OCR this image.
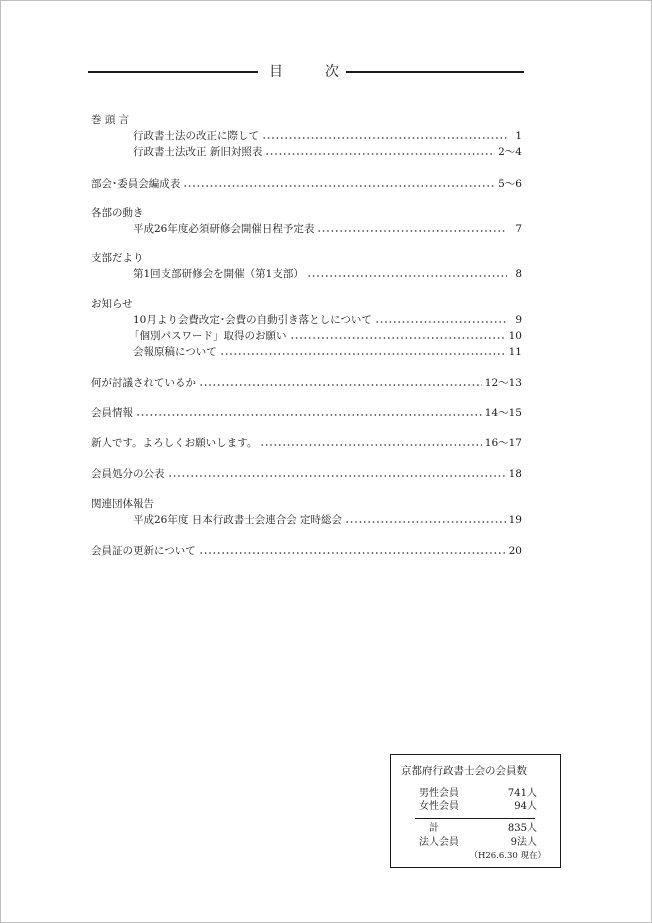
目	次
巻 頭 言
行政書士法の改正に際して	1
行政書士法改正 新旧対照表	2〜4
部会･委員会編成表	5〜6
各部の動き
平成26年度必須研修会開催日程予定表	7
支部だより
第1回支部研修会を開催（第1支部）	8
お知らせ
10月より会費改定･会費の自動引き落としについて	9
「個別パスワード」取得のお願い	10
会報原稿について	11
何が討議されているか	12〜13
会員情報	14〜15
新人です。よろしくお願いします。	16〜17
会員処分の公表	18
関連団体報告
平成26年度 日本行政書士会連合会 定時総会	19
会員証の更新について	20
京都府行政書士会の会員数
男性会員	741人
女性会員	94人
計	835人
法人会員	9法人
（H26.6.30 現在）
